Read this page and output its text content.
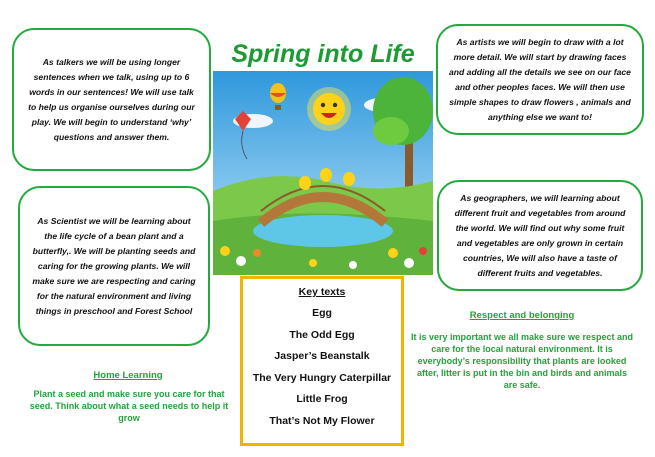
As talkers we will be using longer sentences when we talk, using up to 6 words in our sentences! We will use talk to help us organise ourselves during our play. We will begin to understand ‘why’ questions and answer them.

As artists we will begin to draw with a lot more detail. We will start by drawing faces and adding all the details we see on our face and other peoples faces. We will then use simple shapes to draw flowers , animals and anything else we want to!

As Scientist we will be learning about the life cycle of a bean plant and a butterfly,. We will be planting seeds and caring for the growing plants. We will make sure we are respecting and caring for the natural environment and living things in preschool and Forest School

As geographers, we will learning about different fruit and vegetables from around the world. We will find out why some fruit and vegetables are only grown in certain countries, We will also have a taste of different fruits and vegetables.

Spring into Life
Key texts
Egg
The Odd Egg
Jasper’s Beanstalk
The Very Hungry Caterpillar
Little Frog
That’s Not My Flower

Home Learning

Plant a seed and make sure you care for that seed. Think about what a seed needs to help it grow

Respect and belonging

It is very important we all make sure we respect and care for the local natural environment. It is everybody’s responsibility that plants are looked after, litter is put in the bin and birds and animals are safe.
